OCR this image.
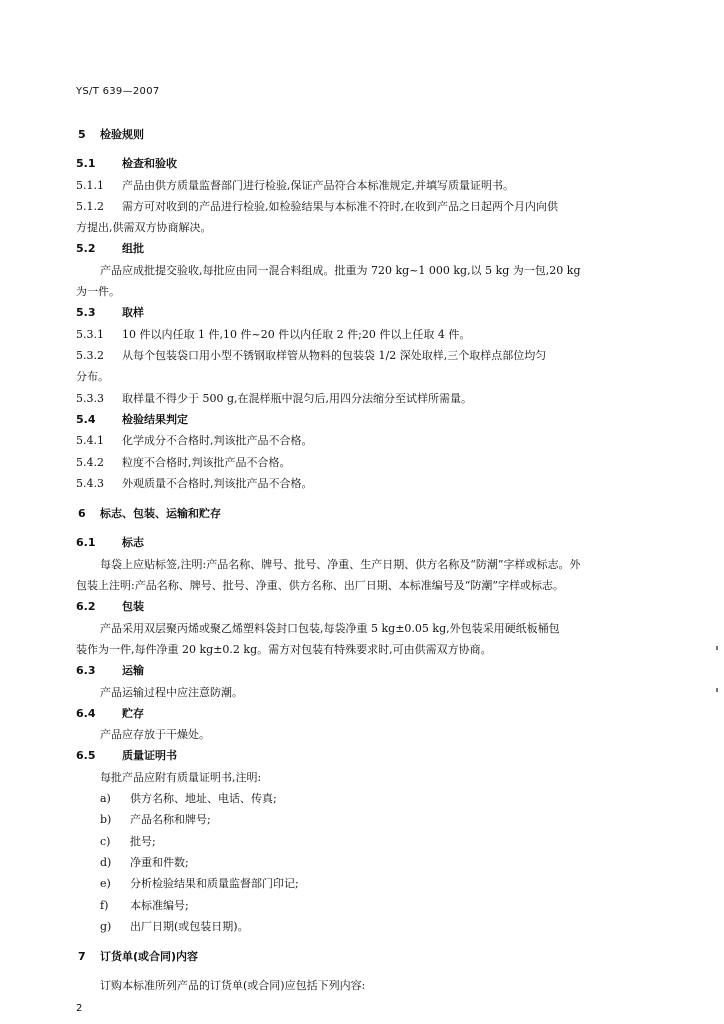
YS/T 639—2007
5 检验规则
5.1 检查和验收
5.1.1 产品由供方质量监督部门进行检验,保证产品符合本标准规定,并填写质量证明书。
5.1.2 需方可对收到的产品进行检验,如检验结果与本标准不符时,在收到产品之日起两个月内向供
方提出,供需双方协商解决。
5.2 组批
产品应成批提交验收,每批应由同一混合料组成。批重为 720 kg~1 000 kg,以 5 kg 为一包,20 kg
为一件。
5.3 取样
5.3.1 10 件以内任取 1 件,10 件~20 件以内任取 2 件;20 件以上任取 4 件。
5.3.2 从每个包装袋口用小型不锈钢取样管从物料的包装袋 1/2 深处取样,三个取样点部位均匀
分布。
5.3.3 取样量不得少于 500 g,在混样瓶中混匀后,用四分法缩分至试样所需量。
5.4 检验结果判定
5.4.1 化学成分不合格时,判该批产品不合格。
5.4.2 粒度不合格时,判该批产品不合格。
5.4.3 外观质量不合格时,判该批产品不合格。
6 标志、包装、运输和贮存
6.1 标志
每袋上应贴标签,注明:产品名称、牌号、批号、净重、生产日期、供方名称及“防潮”字样或标志。外
包装上注明:产品名称、牌号、批号、净重、供方名称、出厂日期、本标准编号及“防潮”字样或标志。
6.2 包装
产品采用双层聚丙烯或聚乙烯塑料袋封口包装,每袋净重 5 kg±0.05 kg,外包装采用硬纸板桶包
装作为一件,每件净重 20 kg±0.2 kg。需方对包装有特殊要求时,可由供需双方协商。
6.3 运输
产品运输过程中应注意防潮。
6.4 贮存
产品应存放于干燥处。
6.5 质量证明书
每批产品应附有质量证明书,注明:
a) 供方名称、地址、电话、传真;
b) 产品名称和牌号;
c) 批号;
d) 净重和件数;
e) 分析检验结果和质量监督部门印记;
f) 本标准编号;
g) 出厂日期(或包装日期)。
7 订货单(或合同)内容
订购本标准所列产品的订货单(或合同)应包括下列内容:
2
